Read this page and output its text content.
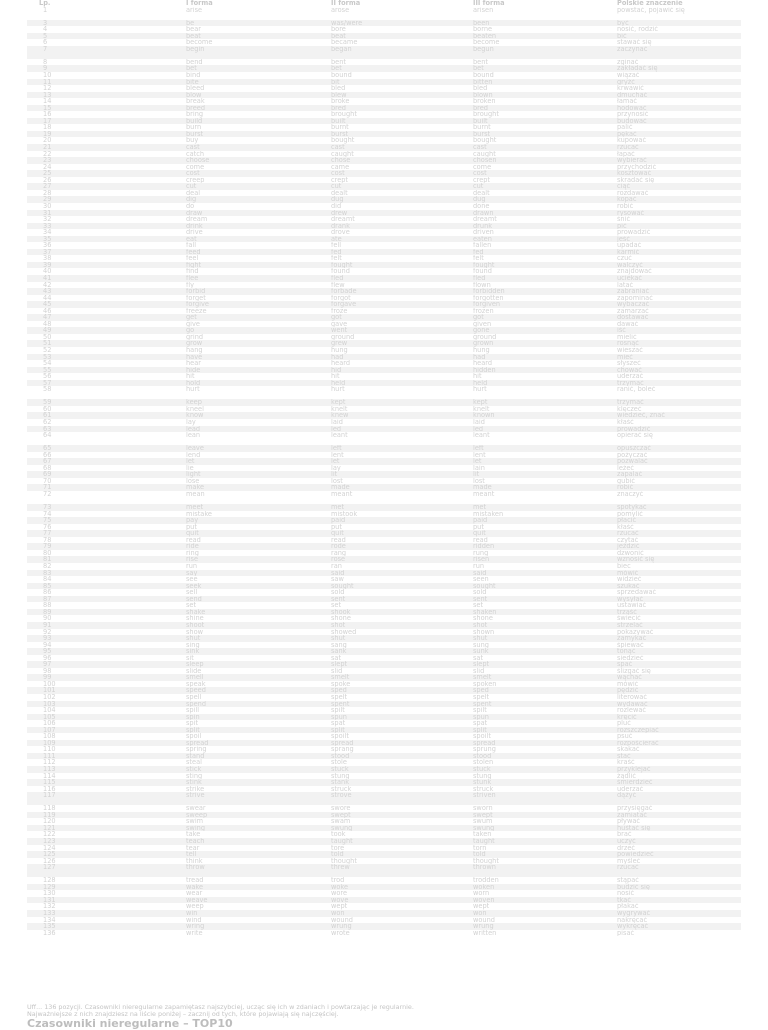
Lp.	I forma	II forma	III forma	Polskie znaczenie
1	arise	arose	arisen	powstać, pojawić się
3	be	was/were	been	być
4	bear	bore	borne	nosić, rodzić
5	beat	beat	beaten	bić
6	become	became	become	stawać się
7	begin	began	begun	zaczynać
8	bend	bent	bent	zginać
9	bet	bet	bet	zakładać się
10	bind	bound	bound	wiązać
11	bite	bit	bitten	gryźć
12	bleed	bled	bled	krwawić
13	blow	blew	blown	dmuchać
14	break	broke	broken	łamać
15	breed	bred	bred	hodować
16	bring	brought	brought	przynosić
17	build	built	built	budować
18	burn	burnt	burnt	palić
19	burst	burst	burst	pękać
20	buy	bought	bought	kupować
21	cast	cast	cast	rzucać
22	catch	caught	caught	łapać
23	choose	chose	chosen	wybierać
24	come	came	come	przychodzić
25	cost	cost	cost	kosztować
26	creep	crept	crept	skradać się
27	cut	cut	cut	ciąć
28	deal	dealt	dealt	rozdawać
29	dig	dug	dug	kopać
30	do	did	done	robić
31	draw	drew	drawn	rysować
32	dream	dreamt	dreamt	śnić
33	drink	drank	drunk	pić
34	drive	drove	driven	prowadzić
35	eat	ate	eaten	jeść
36	fall	fell	fallen	upadać
37	feed	fed	fed	karmić
38	feel	felt	felt	czuć
39	fight	fought	fought	walczyć
40	find	found	found	znajdować
41	flee	fled	fled	uciekać
42	fly	flew	flown	latać
43	forbid	forbade	forbidden	zabraniać
44	forget	forgot	forgotten	zapominać
45	forgive	forgave	forgiven	wybaczać
46	freeze	froze	frozen	zamarzać
47	get	got	got	dostawać
48	give	gave	given	dawać
49	go	went	gone	iść
50	grind	ground	ground	mielić
51	grow	grew	grown	rosnąć
52	hang	hung	hung	wieszać
53	have	had	had	mieć
54	hear	heard	heard	słyszeć
55	hide	hid	hidden	chować
56	hit	hit	hit	uderzać
57	hold	held	held	trzymać
58	hurt	hurt	hurt	ranić, boleć
59	keep	kept	kept	trzymać
60	kneel	knelt	knelt	klęczeć
61	know	knew	known	wiedzieć, znać
62	lay	laid	laid	kłaść
63	lead	led	led	prowadzić
64	lean	leant	leant	opierać się
65	leave	left	left	opuszczać
66	lend	lent	lent	pożyczać
67	let	let	let	pozwalać
68	lie	lay	lain	leżeć
69	light	lit	lit	zapalać
70	lose	lost	lost	gubić
71	make	made	made	robić
72	mean	meant	meant	znaczyć
73	meet	met	met	spotykać
74	mistake	mistook	mistaken	pomylić
75	pay	paid	paid	płacić
76	put	put	put	kłaść
77	quit	quit	quit	rzucać
78	read	read	read	czytać
79	ride	rode	ridden	jeździć
80	ring	rang	rung	dzwonić
81	rise	rose	risen	wznosić się
82	run	ran	run	biec
83	say	said	said	mówić
84	see	saw	seen	widzieć
85	seek	sought	sought	szukać
86	sell	sold	sold	sprzedawać
87	send	sent	sent	wysyłać
88	set	set	set	ustawiać
89	shake	shook	shaken	trząść
90	shine	shone	shone	świecić
91	shoot	shot	shot	strzelać
92	show	showed	shown	pokazywać
93	shut	shut	shut	zamykać
94	sing	sang	sung	śpiewać
95	sink	sank	sunk	tonąć
96	sit	sat	sat	siedzieć
97	sleep	slept	slept	spać
98	slide	slid	slid	ślizgać się
99	smell	smelt	smelt	wąchać
100	speak	spoke	spoken	mówić
101	speed	sped	sped	pędzić
102	spell	spelt	spelt	literować
103	spend	spent	spent	wydawać
104	spill	spilt	spilt	rozlewać
105	spin	spun	spun	kręcić
106	spit	spat	spat	pluć
107	split	split	split	rozszczepiać
108	spoil	spoilt	spoilt	psuć
109	spread	spread	spread	rozpościerać
110	spring	sprang	sprung	skakać
111	stand	stood	stood	stać
112	steal	stole	stolen	kraść
113	stick	stuck	stuck	przyklejać
114	sting	stung	stung	żądlić
115	stink	stank	stunk	śmierdzieć
116	strike	struck	struck	uderzać
117	strive	strove	striven	dążyć
118	swear	swore	sworn	przysięgać
119	sweep	swept	swept	zamiatać
120	swim	swam	swum	pływać
121	swing	swung	swung	huśtać się
122	take	took	taken	brać
123	teach	taught	taught	uczyć
124	tear	tore	torn	drzeć
125	tell	told	told	powiedzieć
126	think	thought	thought	myśleć
127	throw	threw	thrown	rzucać
128	tread	trod	trodden	stąpać
129	wake	woke	woken	budzić się
130	wear	wore	worn	nosić
131	weave	wove	woven	tkać
132	weep	wept	wept	płakać
133	win	won	won	wygrywać
134	wind	wound	wound	nakręcać
135	wring	wrung	wrung	wykręcać
136	write	wrote	written	pisać
Uff... 136 pozycji. Czasowniki nieregularne zapamiętasz najszybciej, ucząc się ich w zdaniach i powtarzając je regularnie.
Najważniejsze z nich znajdziesz na liście poniżej – zacznij od tych, które pojawiają się najczęściej.
Czasowniki nieregularne – TOP10
